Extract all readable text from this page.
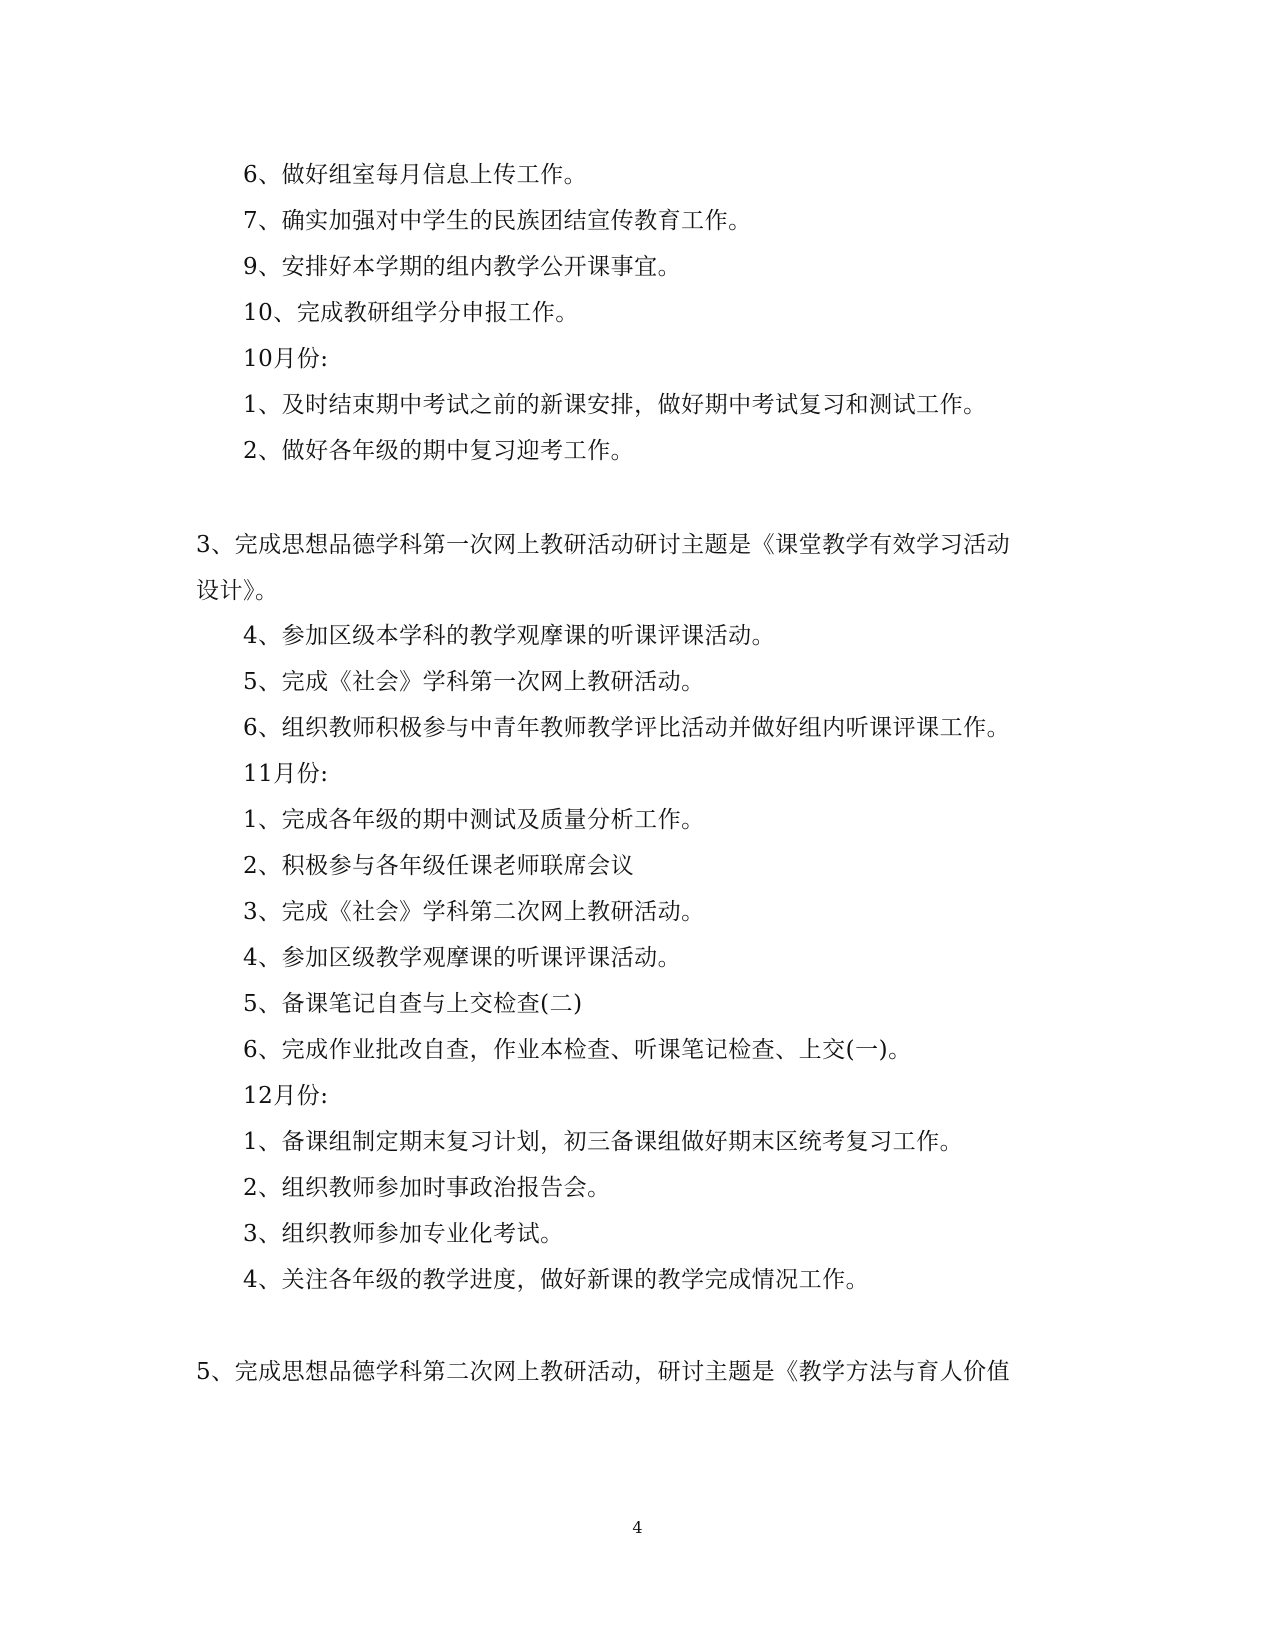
6、做好组室每月信息上传工作。
7、确实加强对中学生的民族团结宣传教育工作。
9、安排好本学期的组内教学公开课事宜。
10、完成教研组学分申报工作。
10月份:
1、及时结束期中考试之前的新课安排，做好期中考试复习和测试工作。
2、做好各年级的期中复习迎考工作。
3、完成思想品德学科第一次网上教研活动研讨主题是《课堂教学有效学习活动
设计》。
4、参加区级本学科的教学观摩课的听课评课活动。
5、完成《社会》学科第一次网上教研活动。
6、组织教师积极参与中青年教师教学评比活动并做好组内听课评课工作。
11月份:
1、完成各年级的期中测试及质量分析工作。
2、积极参与各年级任课老师联席会议
3、完成《社会》学科第二次网上教研活动。
4、参加区级教学观摩课的听课评课活动。
5、备课笔记自查与上交检查(二)
6、完成作业批改自查，作业本检查、听课笔记检查、上交(一)。
12月份:
1、备课组制定期末复习计划，初三备课组做好期末区统考复习工作。
2、组织教师参加时事政治报告会。
3、组织教师参加专业化考试。
4、关注各年级的教学进度，做好新课的教学完成情况工作。
5、完成思想品德学科第二次网上教研活动，研讨主题是《教学方法与育人价值
4
